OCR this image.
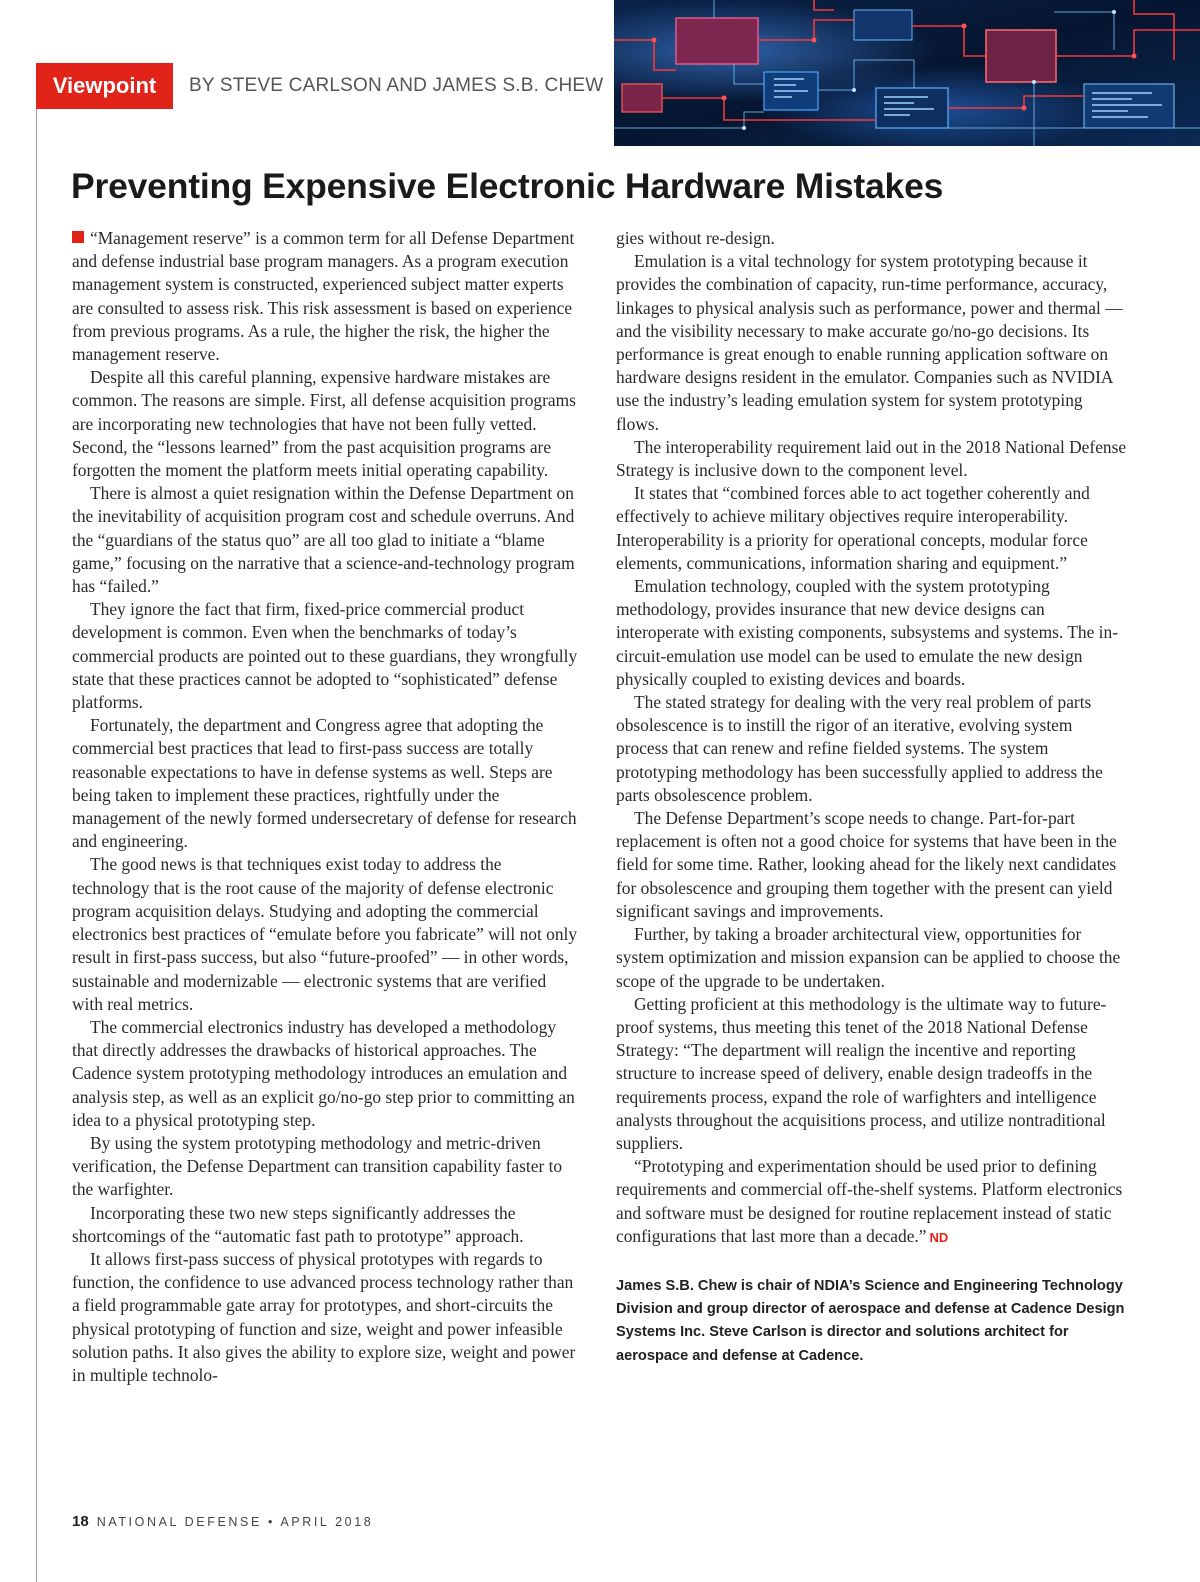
Viewpoint	BY STEVE CARLSON AND JAMES S.B. CHEW
Preventing Expensive Electronic Hardware Mistakes

“Management reserve” is a common term for all Defense Department and defense industrial base program managers. As a program execution management system is constructed, experienced subject matter experts are consulted to assess risk. This risk assessment is based on experience from previous programs. As a rule, the higher the risk, the higher the management reserve.

Despite all this careful planning, expensive hardware mistakes are common. The reasons are simple. First, all defense acquisition programs are incorporating new technologies that have not been fully vetted. Second, the “lessons learned” from the past acquisition programs are forgotten the moment the platform meets initial operating capability.

There is almost a quiet resignation within the Defense Department on the inevitability of acquisition program cost and schedule overruns. And the “guardians of the status quo” are all too glad to initiate a “blame game,” focusing on the narrative that a science-and-technology program has “failed.”

They ignore the fact that firm, fixed-price commercial product development is common. Even when the benchmarks of today’s commercial products are pointed out to these guardians, they wrongfully state that these practices cannot be adopted to “sophisticated” defense platforms.

Fortunately, the department and Congress agree that adopting the commercial best practices that lead to first-pass success are totally reasonable expectations to have in defense systems as well. Steps are being taken to implement these practices, rightfully under the management of the newly formed undersecretary of defense for research and engineering.

The good news is that techniques exist today to address the technology that is the root cause of the majority of defense electronic program acquisition delays. Studying and adopting the commercial electronics best practices of “emulate before you fabricate” will not only result in first-pass success, but also “future-proofed” — in other words, sustainable and modernizable — electronic systems that are verified with real metrics.

The commercial electronics industry has developed a methodology that directly addresses the drawbacks of historical approaches. The Cadence system prototyping methodology introduces an emulation and analysis step, as well as an explicit go/no-go step prior to committing an idea to a physical prototyping step.

By using the system prototyping methodology and metric-driven verification, the Defense Department can transition capability faster to the warfighter.

Incorporating these two new steps significantly addresses the shortcomings of the “automatic fast path to prototype” approach.

It allows first-pass success of physical prototypes with regards to function, the confidence to use advanced process technology rather than a field programmable gate array for prototypes, and short-circuits the physical prototyping of function and size, weight and power infeasible solution paths. It also gives the ability to explore size, weight and power in multiple technolo-

gies without re-design.

Emulation is a vital technology for system prototyping because it provides the combination of capacity, run-time performance, accuracy, linkages to physical analysis such as performance, power and thermal — and the visibility necessary to make accurate go/no-go decisions. Its performance is great enough to enable running application software on hardware designs resident in the emulator. Companies such as NVIDIA use the industry’s leading emulation system for system prototyping flows.

The interoperability requirement laid out in the 2018 National Defense Strategy is inclusive down to the component level.

It states that “combined forces able to act together coherently and effectively to achieve military objectives require interoperability. Interoperability is a priority for operational concepts, modular force elements, communications, information sharing and equipment.”

Emulation technology, coupled with the system prototyping methodology, provides insurance that new device designs can interoperate with existing components, subsystems and systems. The in-circuit-emulation use model can be used to emulate the new design physically coupled to existing devices and boards.

The stated strategy for dealing with the very real problem of parts obsolescence is to instill the rigor of an iterative, evolving system process that can renew and refine fielded systems. The system prototyping methodology has been successfully applied to address the parts obsolescence problem.

The Defense Department’s scope needs to change. Part-for-part replacement is often not a good choice for systems that have been in the field for some time. Rather, looking ahead for the likely next candidates for obsolescence and grouping them together with the present can yield significant savings and improvements.

Further, by taking a broader architectural view, opportunities for system optimization and mission expansion can be applied to choose the scope of the upgrade to be undertaken.

Getting proficient at this methodology is the ultimate way to future-proof systems, thus meeting this tenet of the 2018 National Defense Strategy: “The department will realign the incentive and reporting structure to increase speed of delivery, enable design tradeoffs in the requirements process, expand the role of warfighters and intelligence analysts throughout the acquisitions process, and utilize nontraditional suppliers.

“Prototyping and experimentation should be used prior to defining requirements and commercial off-the-shelf systems. Platform electronics and software must be designed for routine replacement instead of static configurations that last more than a decade.” ND

James S.B. Chew is chair of NDIA’s Science and Engineering Technology Division and group director of aerospace and defense at Cadence Design Systems Inc. Steve Carlson is director and solutions architect for aerospace and defense at Cadence.

18 NATIONAL DEFENSE • APRIL 2018
